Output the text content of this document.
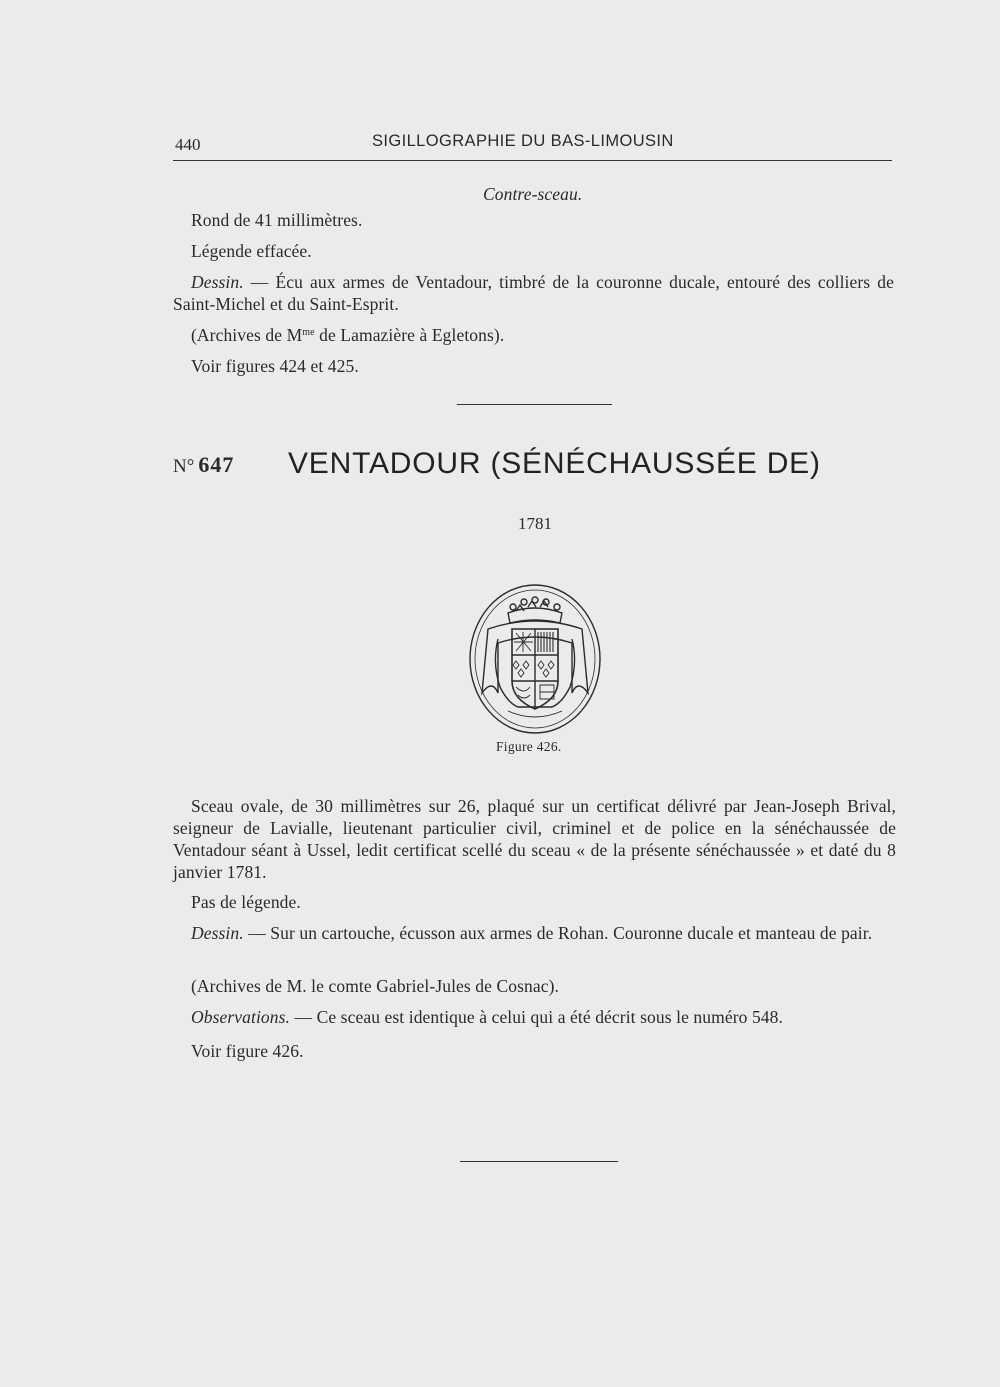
440	SIGILLOGRAPHIE DU BAS-LIMOUSIN
Contre-sceau.
Rond de 41 millimètres.
Légende effacée.
Dessin. — Écu aux armes de Ventadour, timbré de la couronne ducale, entouré des colliers de Saint-Michel et du Saint-Esprit.
(Archives de $M^{me}$ de Lamazière à Egletons).
Voir figures 424 et 425.
N° 647 VENTADOUR (SÉNÉCHAUSSÉE DE)
1781
Figure 426.
Sceau ovale, de 30 millimètres sur 26, plaqué sur un certificat délivré par Jean-Joseph Brival, seigneur de Lavialle, lieutenant particulier civil, criminel et de police en la sénéchaussée de Ventadour séant à Ussel, ledit certificat scellé du sceau « de la présente sénéchaussée » et daté du 8 janvier 1781.
Pas de légende.
Dessin. — Sur un cartouche, écusson aux armes de Rohan. Couronne ducale et manteau de pair.
(Archives de M. le comte Gabriel-Jules de Cosnac).
Observations. — Ce sceau est identique à celui qui a été décrit sous le numéro 548.
Voir figure 426.
